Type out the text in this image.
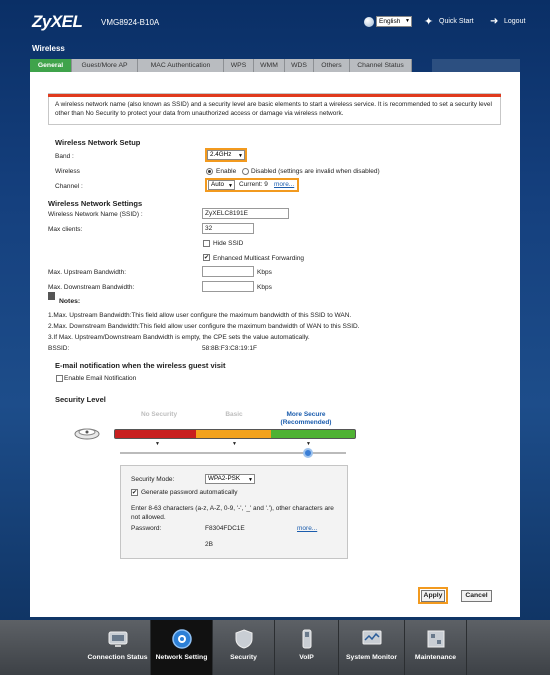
ZyXEL VMG8924-B10A	English ▼ ✦ Quick Start ➜ Logout
Wireless
General	Guest/More AP	MAC Authentication	WPS	WMM	WDS	Others	Channel Status
A wireless network name (also known as SSID) and a security level are basic elements to start a wireless service. It is recommended to set a security level other than No Security to protect your data from unauthorized access or damage via wireless network.
Wireless Network Setup
Band :	2.4GHz ▼
Wireless	Enable Disabled (settings are invalid when disabled)
Channel :	Auto ▼ Current: 9 more...
Wireless Network Settings
Wireless Network Name (SSID) :	ZyXELC8191E
Max clients:	32
Hide SSID
✔ Enhanced Multicast Forwarding
Max. Upstream Bandwidth:	Kbps
Max. Downstream Bandwidth:	Kbps
Notes:
1.Max. Upstream Bandwidth:This field allow user configure the maximum bandwidth of this SSID to WAN.
2.Max. Downstream Bandwidth:This field allow user configure the maximum bandwidth of WAN to this SSID.
3.If Max. Upstream/Downstream Bandwidth is empty, the CPE sets the value automatically.
BSSID:	58:8B:F3:C8:19:1F
E-mail notification when the wireless guest visit
Enable Email Notification
Security Level
No Security	Basic	More Secure
(Recommended)
▼	▼	▼
Security Mode:	WPA2-PSK ▼
✔ Generate password automatically
Enter 8-63 characters (a-z, A-Z, 0-9, '-', '_' and '.'), other characters are not allowed.
Password:	F8304FDC1E	more...
2B
Apply	Cancel
Connection Status	Network Setting	Security	VoIP	System Monitor	Maintenance
